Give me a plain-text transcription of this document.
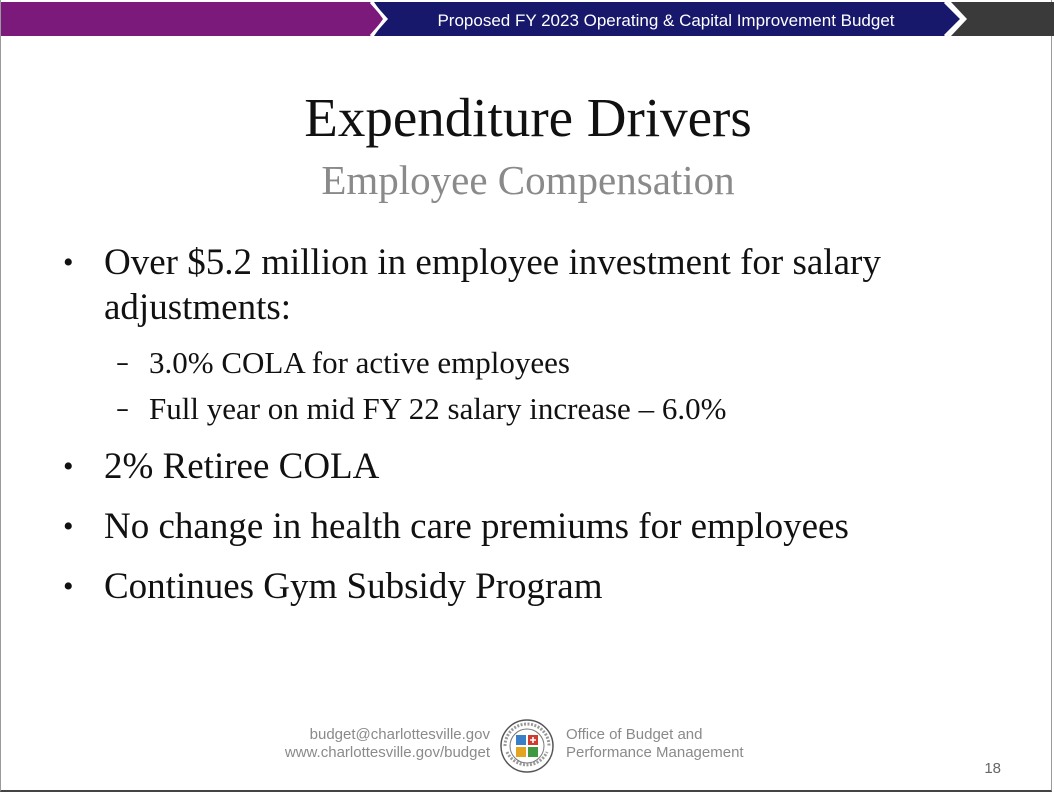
Proposed FY 2023 Operating & Capital Improvement Budget
Expenditure Drivers
Employee Compensation
• Over $5.2 million in employee investment for salary adjustments:
– 3.0% COLA for active employees
– Full year on mid FY 22 salary increase – 6.0%
• 2% Retiree COLA
• No change in health care premiums for employees
• Continues Gym Subsidy Program
budget@charlottesville.gov
www.charlottesville.gov/budget
Office of Budget and
Performance Management
18
